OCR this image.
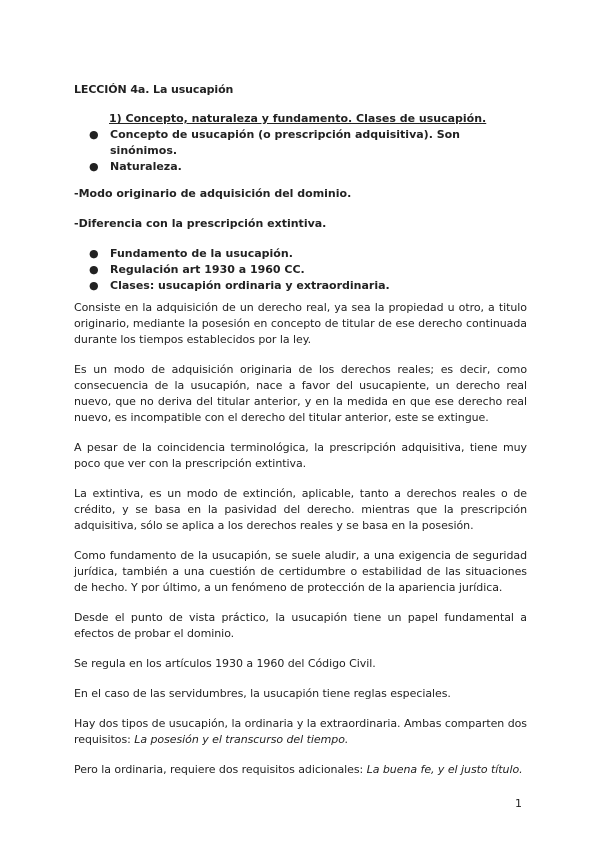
LECCIÓN 4a. La usucapión
1) Concepto, naturaleza y fundamento. Clases de usucapión.
● Concepto de usucapión (o prescripción adquisitiva). Son sinónimos.
● Naturaleza.
-Modo originario de adquisición del dominio.
-Diferencia con la prescripción extintiva.
● Fundamento de la usucapión.
● Regulación art 1930 a 1960 CC.
● Clases: usucapión ordinaria y extraordinaria.

Consiste en la adquisición de un derecho real, ya sea la propiedad u otro, a titulo originario, mediante la posesión en concepto de titular de ese derecho continuada durante los tiempos establecidos por la ley.

Es un modo de adquisición originaria de los derechos reales; es decir, como consecuencia de la usucapión, nace a favor del usucapiente, un derecho real nuevo, que no deriva del titular anterior, y en la medida en que ese derecho real nuevo, es incompatible con el derecho del titular anterior, este se extingue.

A pesar de la coincidencia terminológica, la prescripción adquisitiva, tiene muy poco que ver con la prescripción extintiva.

La extintiva, es un modo de extinción, aplicable, tanto a derechos reales o de crédito, y se basa en la pasividad del derecho. mientras que la prescripción adquisitiva, sólo se aplica a los derechos reales y se basa en la posesión.

Como fundamento de la usucapión, se suele aludir, a una exigencia de seguridad jurídica, también a una cuestión de certidumbre o estabilidad de las situaciones de hecho. Y por último, a un fenómeno de protección de la apariencia jurídica.

Desde el punto de vista práctico, la usucapión tiene un papel fundamental a efectos de probar el dominio.

Se regula en los artículos 1930 a 1960 del Código Civil.

En el caso de las servidumbres, la usucapión tiene reglas especiales.

Hay dos tipos de usucapión, la ordinaria y la extraordinaria. Ambas comparten dos requisitos: La posesión y el transcurso del tiempo.

Pero la ordinaria, requiere dos requisitos adicionales: La buena fe, y el justo título.

1
